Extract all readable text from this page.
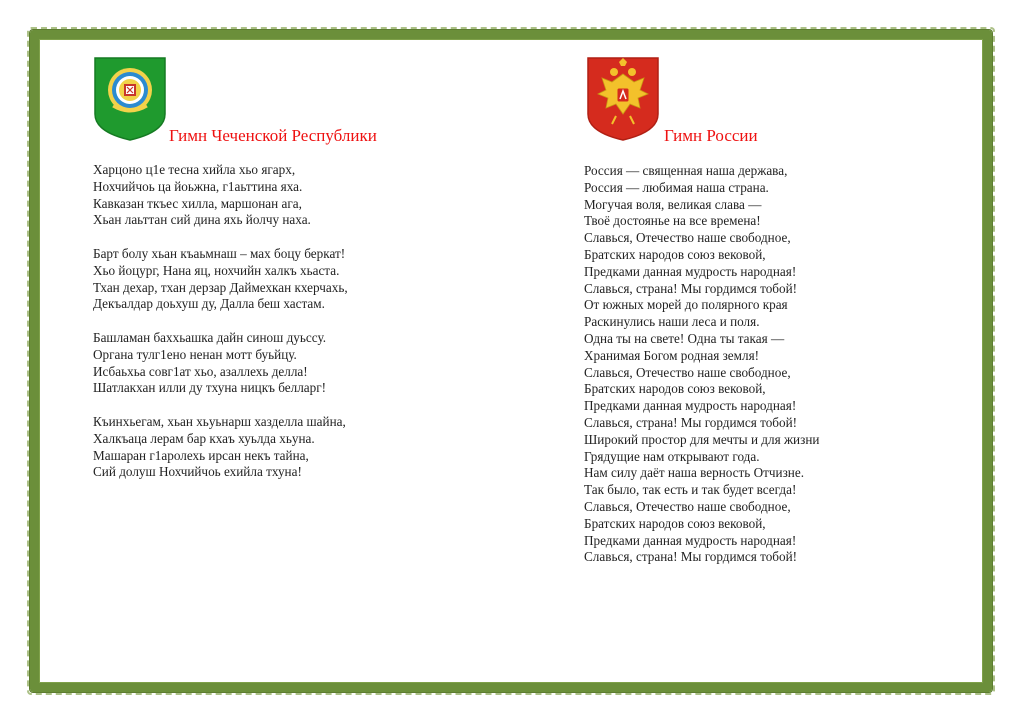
Гимн Чеченской Республики
Харцоно ц1е тесна хийла хьо ягарх,
Нохчийчоь ца йоьжна, г1аьттина яха.
Кавказан ткъес хилла, маршонан ага,
Хьан лаьттан сий дина яхь йолчу наха.
Барт болу хьан къаьмнаш – мах боцу беркат!
Хьо йоцург, Нана яц, нохчийн халкъ хьаста.
Тхан дехар, тхан дерзар Даймехкан кхерчахь,
Декъалдар доьхуш ду, Далла беш хастам.
Башламан баххьашка дайн синош дуьссу.
Органа тулг1ено ненан мотт буьйцу.
Исбаьхьа совг1ат хьо, азаллехь делла!
Шатлакхан илли ду тхуна ницкъ белларг!
Къинхьегам, хьан хьуьнарш хазделла шайна,
Халкъаца лерам бар кхаъ хуьлда хьуна.
Машаран г1аролехь ирсан некъ тайна,
Сий долуш Нохчийчоь ехийла тхуна!
Гимн России
Россия — священная наша держава,
Россия — любимая наша страна.
Могучая воля, великая слава —
Твоё достоянье на все времена!
Славься, Отечество наше свободное,
Братских народов союз вековой,
Предками данная мудрость народная!
Славься, страна! Мы гордимся тобой!
От южных морей до полярного края
Раскинулись наши леса и поля.
Одна ты на свете! Одна ты такая —
Хранимая Богом родная земля!
Славься, Отечество наше свободное,
Братских народов союз вековой,
Предками данная мудрость народная!
Славься, страна! Мы гордимся тобой!
Широкий простор для мечты и для жизни
Грядущие нам открывают года.
Нам силу даёт наша верность Отчизне.
Так было, так есть и так будет всегда!
Славься, Отечество наше свободное,
Братских народов союз вековой,
Предками данная мудрость народная!
Славься, страна! Мы гордимся тобой!
